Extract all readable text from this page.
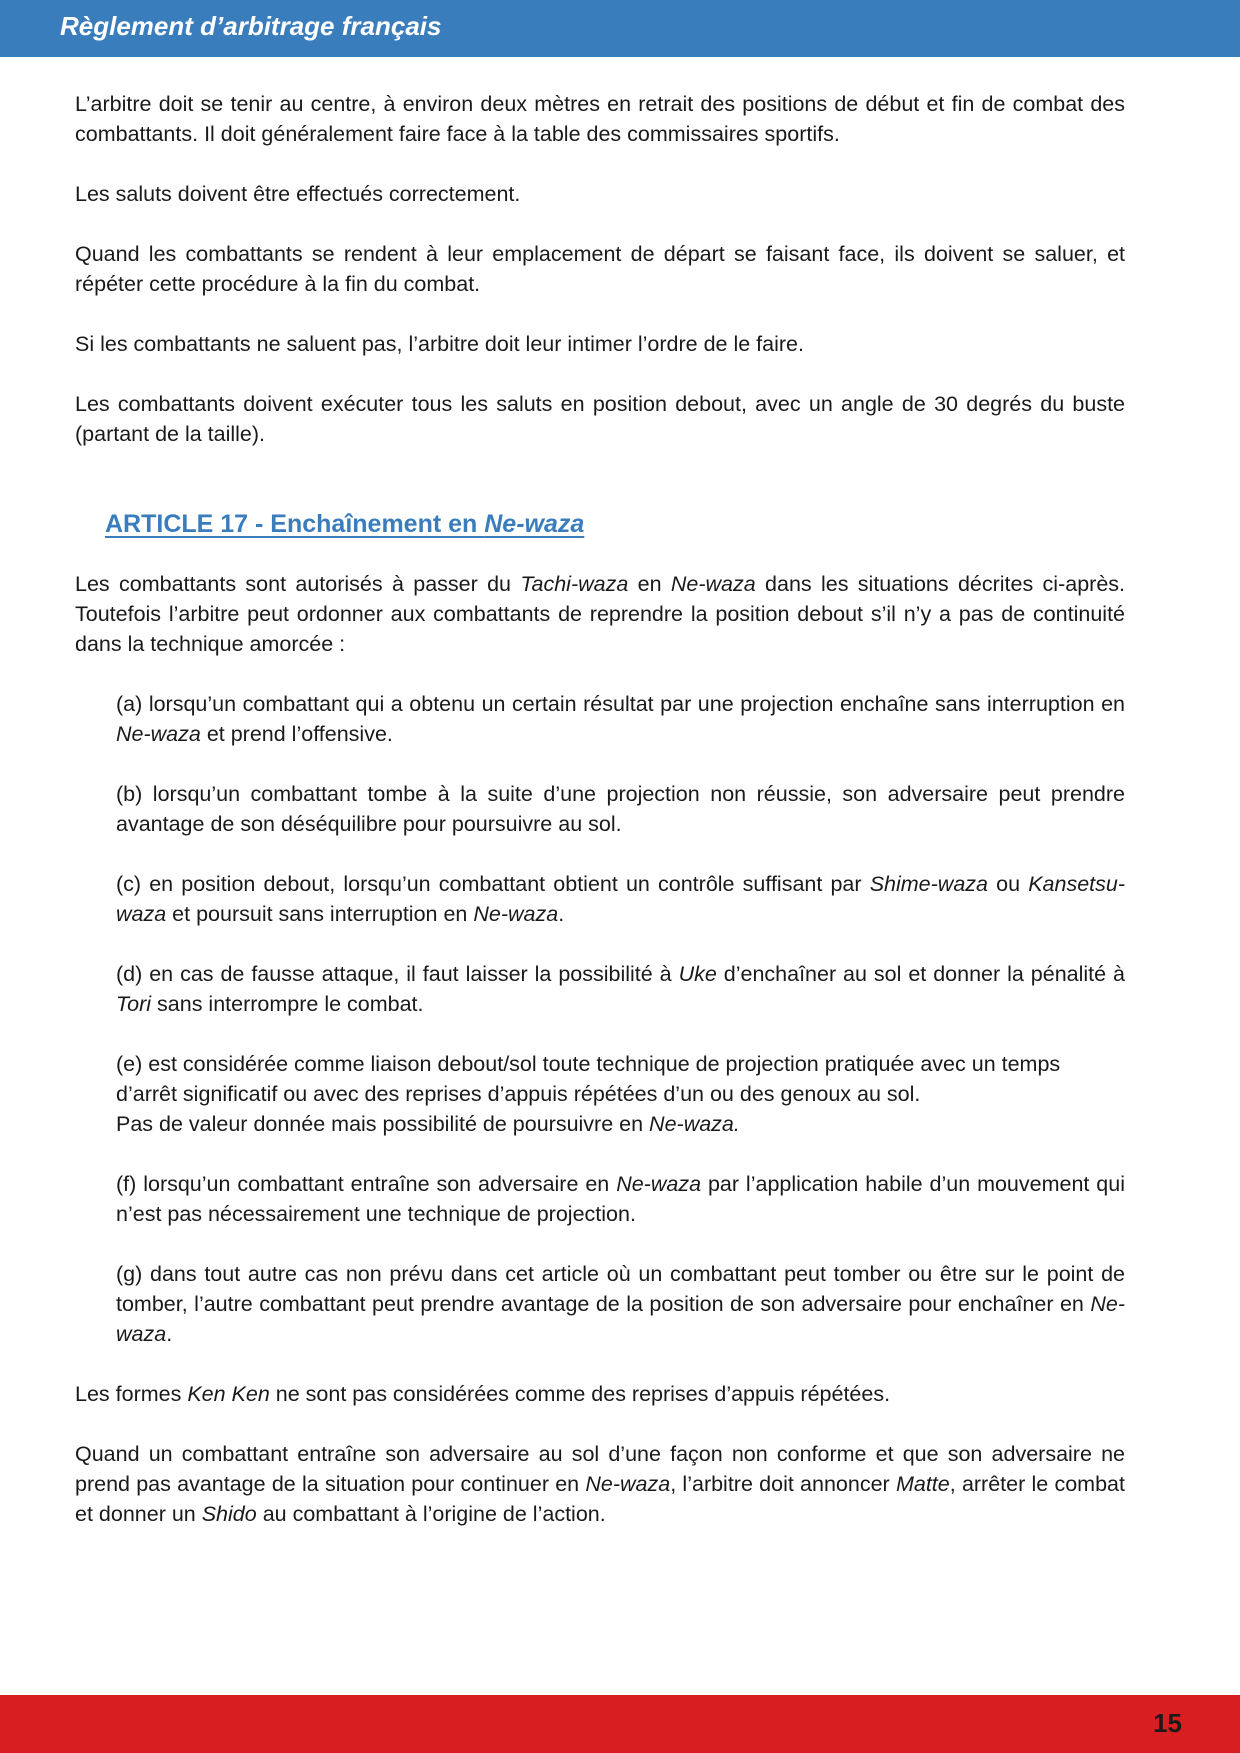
Règlement d’arbitrage français

L’arbitre doit se tenir au centre, à environ deux mètres en retrait des positions de début et fin de combat des combattants. Il doit généralement faire face à la table des commissaires sportifs.

Les saluts doivent être effectués correctement.

Quand les combattants se rendent à leur emplacement de départ se faisant face, ils doivent se saluer, et répéter cette procédure à la fin du combat.

Si les combattants ne saluent pas, l’arbitre doit leur intimer l’ordre de le faire.

Les combattants doivent exécuter tous les saluts en position debout, avec un angle de 30 degrés du buste (partant de la taille).

ARTICLE 17 - Enchaînement en Ne-waza

Les combattants sont autorisés à passer du Tachi-waza en Ne-waza dans les situations décrites ci-après. Toutefois l’arbitre peut ordonner aux combattants de reprendre la position debout s’il n’y a pas de continuité dans la technique amorcée :

(a) lorsqu’un combattant qui a obtenu un certain résultat par une projection enchaîne sans interruption en Ne-waza et prend l’offensive.

(b) lorsqu’un combattant tombe à la suite d’une projection non réussie, son adversaire peut prendre avantage de son déséquilibre pour poursuivre au sol.

(c) en position debout, lorsqu’un combattant obtient un contrôle suffisant par Shime-waza ou Kansetsu-waza et poursuit sans interruption en Ne-waza.

(d) en cas de fausse attaque, il faut laisser la possibilité à Uke d’enchaîner au sol et donner la pénalité à Tori sans interrompre le combat.

(e) est considérée comme liaison debout/sol toute technique de projection pratiquée avec un temps d’arrêt significatif ou avec des reprises d’appuis répétées d’un ou des genoux au sol.
Pas de valeur donnée mais possibilité de poursuivre en Ne-waza.

(f) lorsqu’un combattant entraîne son adversaire en Ne-waza par l’application habile d’un mouvement qui n’est pas nécessairement une technique de projection.

(g) dans tout autre cas non prévu dans cet article où un combattant peut tomber ou être sur le point de tomber, l’autre combattant peut prendre avantage de la position de son adversaire pour enchaîner en Ne-waza.

Les formes Ken Ken ne sont pas considérées comme des reprises d’appuis répétées.

Quand un combattant entraîne son adversaire au sol d’une façon non conforme et que son adversaire ne prend pas avantage de la situation pour continuer en Ne-waza, l’arbitre doit annoncer Matte, arrêter le combat et donner un Shido au combattant à l’origine de l’action.

15
